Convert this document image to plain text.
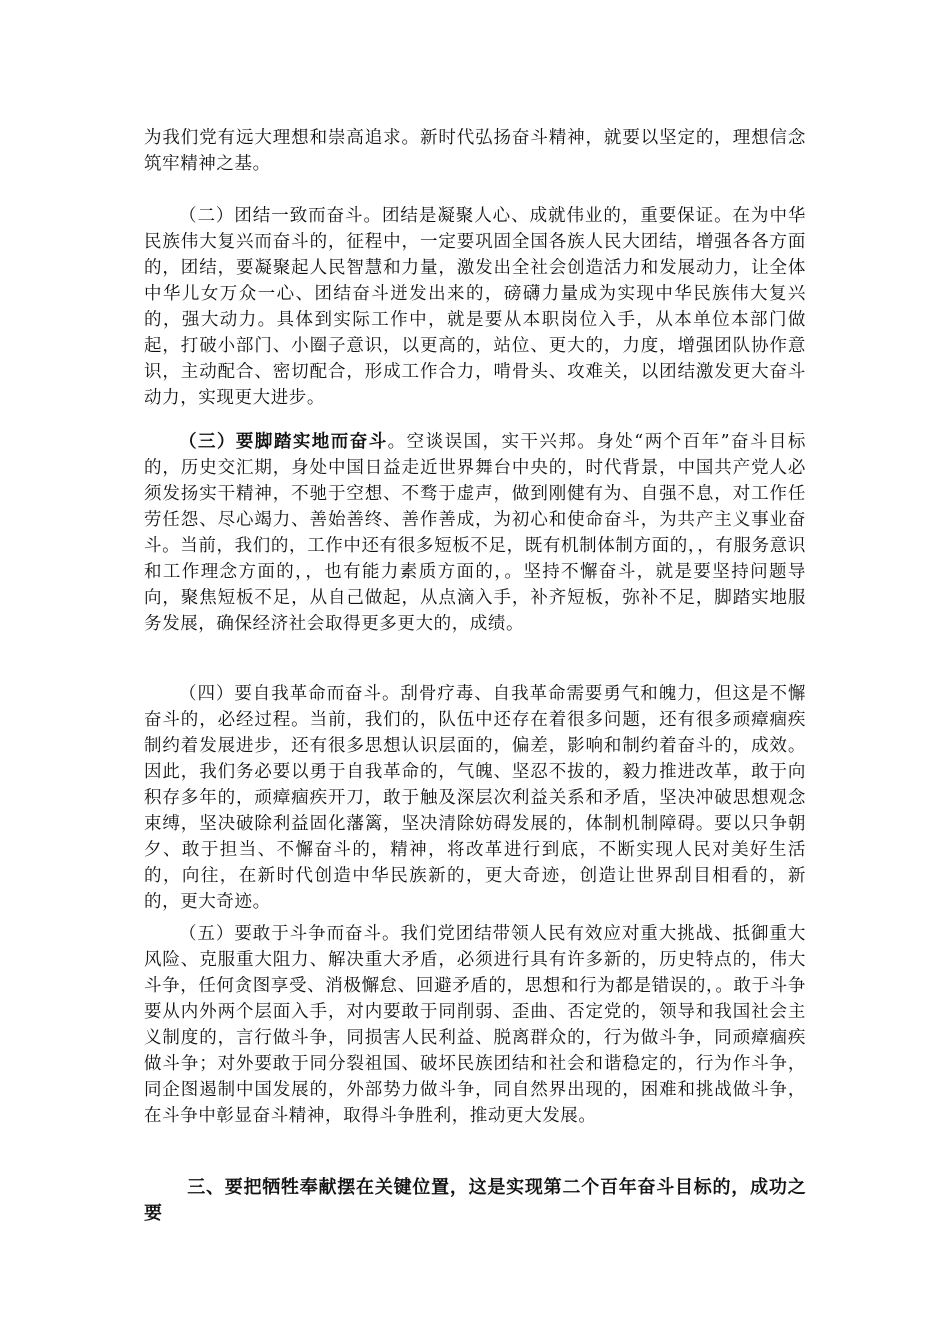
为我们党有远大理想和崇高追求。新时代弘扬奋斗精神，就要以坚定的，理想信念筑牢精神之基。

（二）团结一致而奋斗。团结是凝聚人心、成就伟业的，重要保证。在为中华民族伟大复兴而奋斗的，征程中，一定要巩固全国各族人民大团结，增强各各方面的，团结，要凝聚起人民智慧和力量，激发出全社会创造活力和发展动力，让全体中华儿女万众一心、团结奋斗迸发出来的，磅礴力量成为实现中华民族伟大复兴的，强大动力。具体到实际工作中，就是要从本职岗位入手，从本单位本部门做起，打破小部门、小圈子意识，以更高的，站位、更大的，力度，增强团队协作意识，主动配合、密切配合，形成工作合力，啃骨头、攻难关，以团结激发更大奋斗动力，实现更大进步。

（三）要脚踏实地而奋斗。空谈误国，实干兴邦。身处“两个百年”奋斗目标的，历史交汇期，身处中国日益走近世界舞台中央的，时代背景，中国共产党人必须发扬实干精神，不驰于空想、不骛于虚声，做到刚健有为、自强不息，对工作任劳任怨、尽心竭力、善始善终、善作善成，为初心和使命奋斗，为共产主义事业奋斗。当前，我们的，工作中还有很多短板不足，既有机制体制方面的，，有服务意识和工作理念方面的，，也有能力素质方面的，。坚持不懈奋斗，就是要坚持问题导向，聚焦短板不足，从自己做起，从点滴入手，补齐短板，弥补不足，脚踏实地服务发展，确保经济社会取得更多更大的，成绩。

（四）要自我革命而奋斗。刮骨疗毒、自我革命需要勇气和魄力，但这是不懈奋斗的，必经过程。当前，我们的，队伍中还存在着很多问题，还有很多顽瘴痼疾制约着发展进步，还有很多思想认识层面的，偏差，影响和制约着奋斗的，成效。因此，我们务必要以勇于自我革命的，气魄、坚忍不拔的，毅力推进改革，敢于向积存多年的，顽瘴痼疾开刀，敢于触及深层次利益关系和矛盾，坚决冲破思想观念束缚，坚决破除利益固化藩篱，坚决清除妨碍发展的，体制机制障碍。要以只争朝夕、敢于担当、不懈奋斗的，精神，将改革进行到底，不断实现人民对美好生活的，向往，在新时代创造中华民族新的，更大奇迹，创造让世界刮目相看的，新的，更大奇迹。

（五）要敢于斗争而奋斗。我们党团结带领人民有效应对重大挑战、抵御重大风险、克服重大阻力、解决重大矛盾，必须进行具有许多新的，历史特点的，伟大斗争，任何贪图享受、消极懈怠、回避矛盾的，思想和行为都是错误的，。敢于斗争要从内外两个层面入手，对内要敢于同削弱、歪曲、否定党的，领导和我国社会主义制度的，言行做斗争，同损害人民利益、脱离群众的，行为做斗争，同顽瘴痼疾做斗争；对外要敢于同分裂祖国、破坏民族团结和社会和谐稳定的，行为作斗争，同企图遏制中国发展的，外部势力做斗争，同自然界出现的，困难和挑战做斗争，在斗争中彰显奋斗精神，取得斗争胜利，推动更大发展。

三、要把牺牲奉献摆在关键位置，这是实现第二个百年奋斗目标的，成功之要
